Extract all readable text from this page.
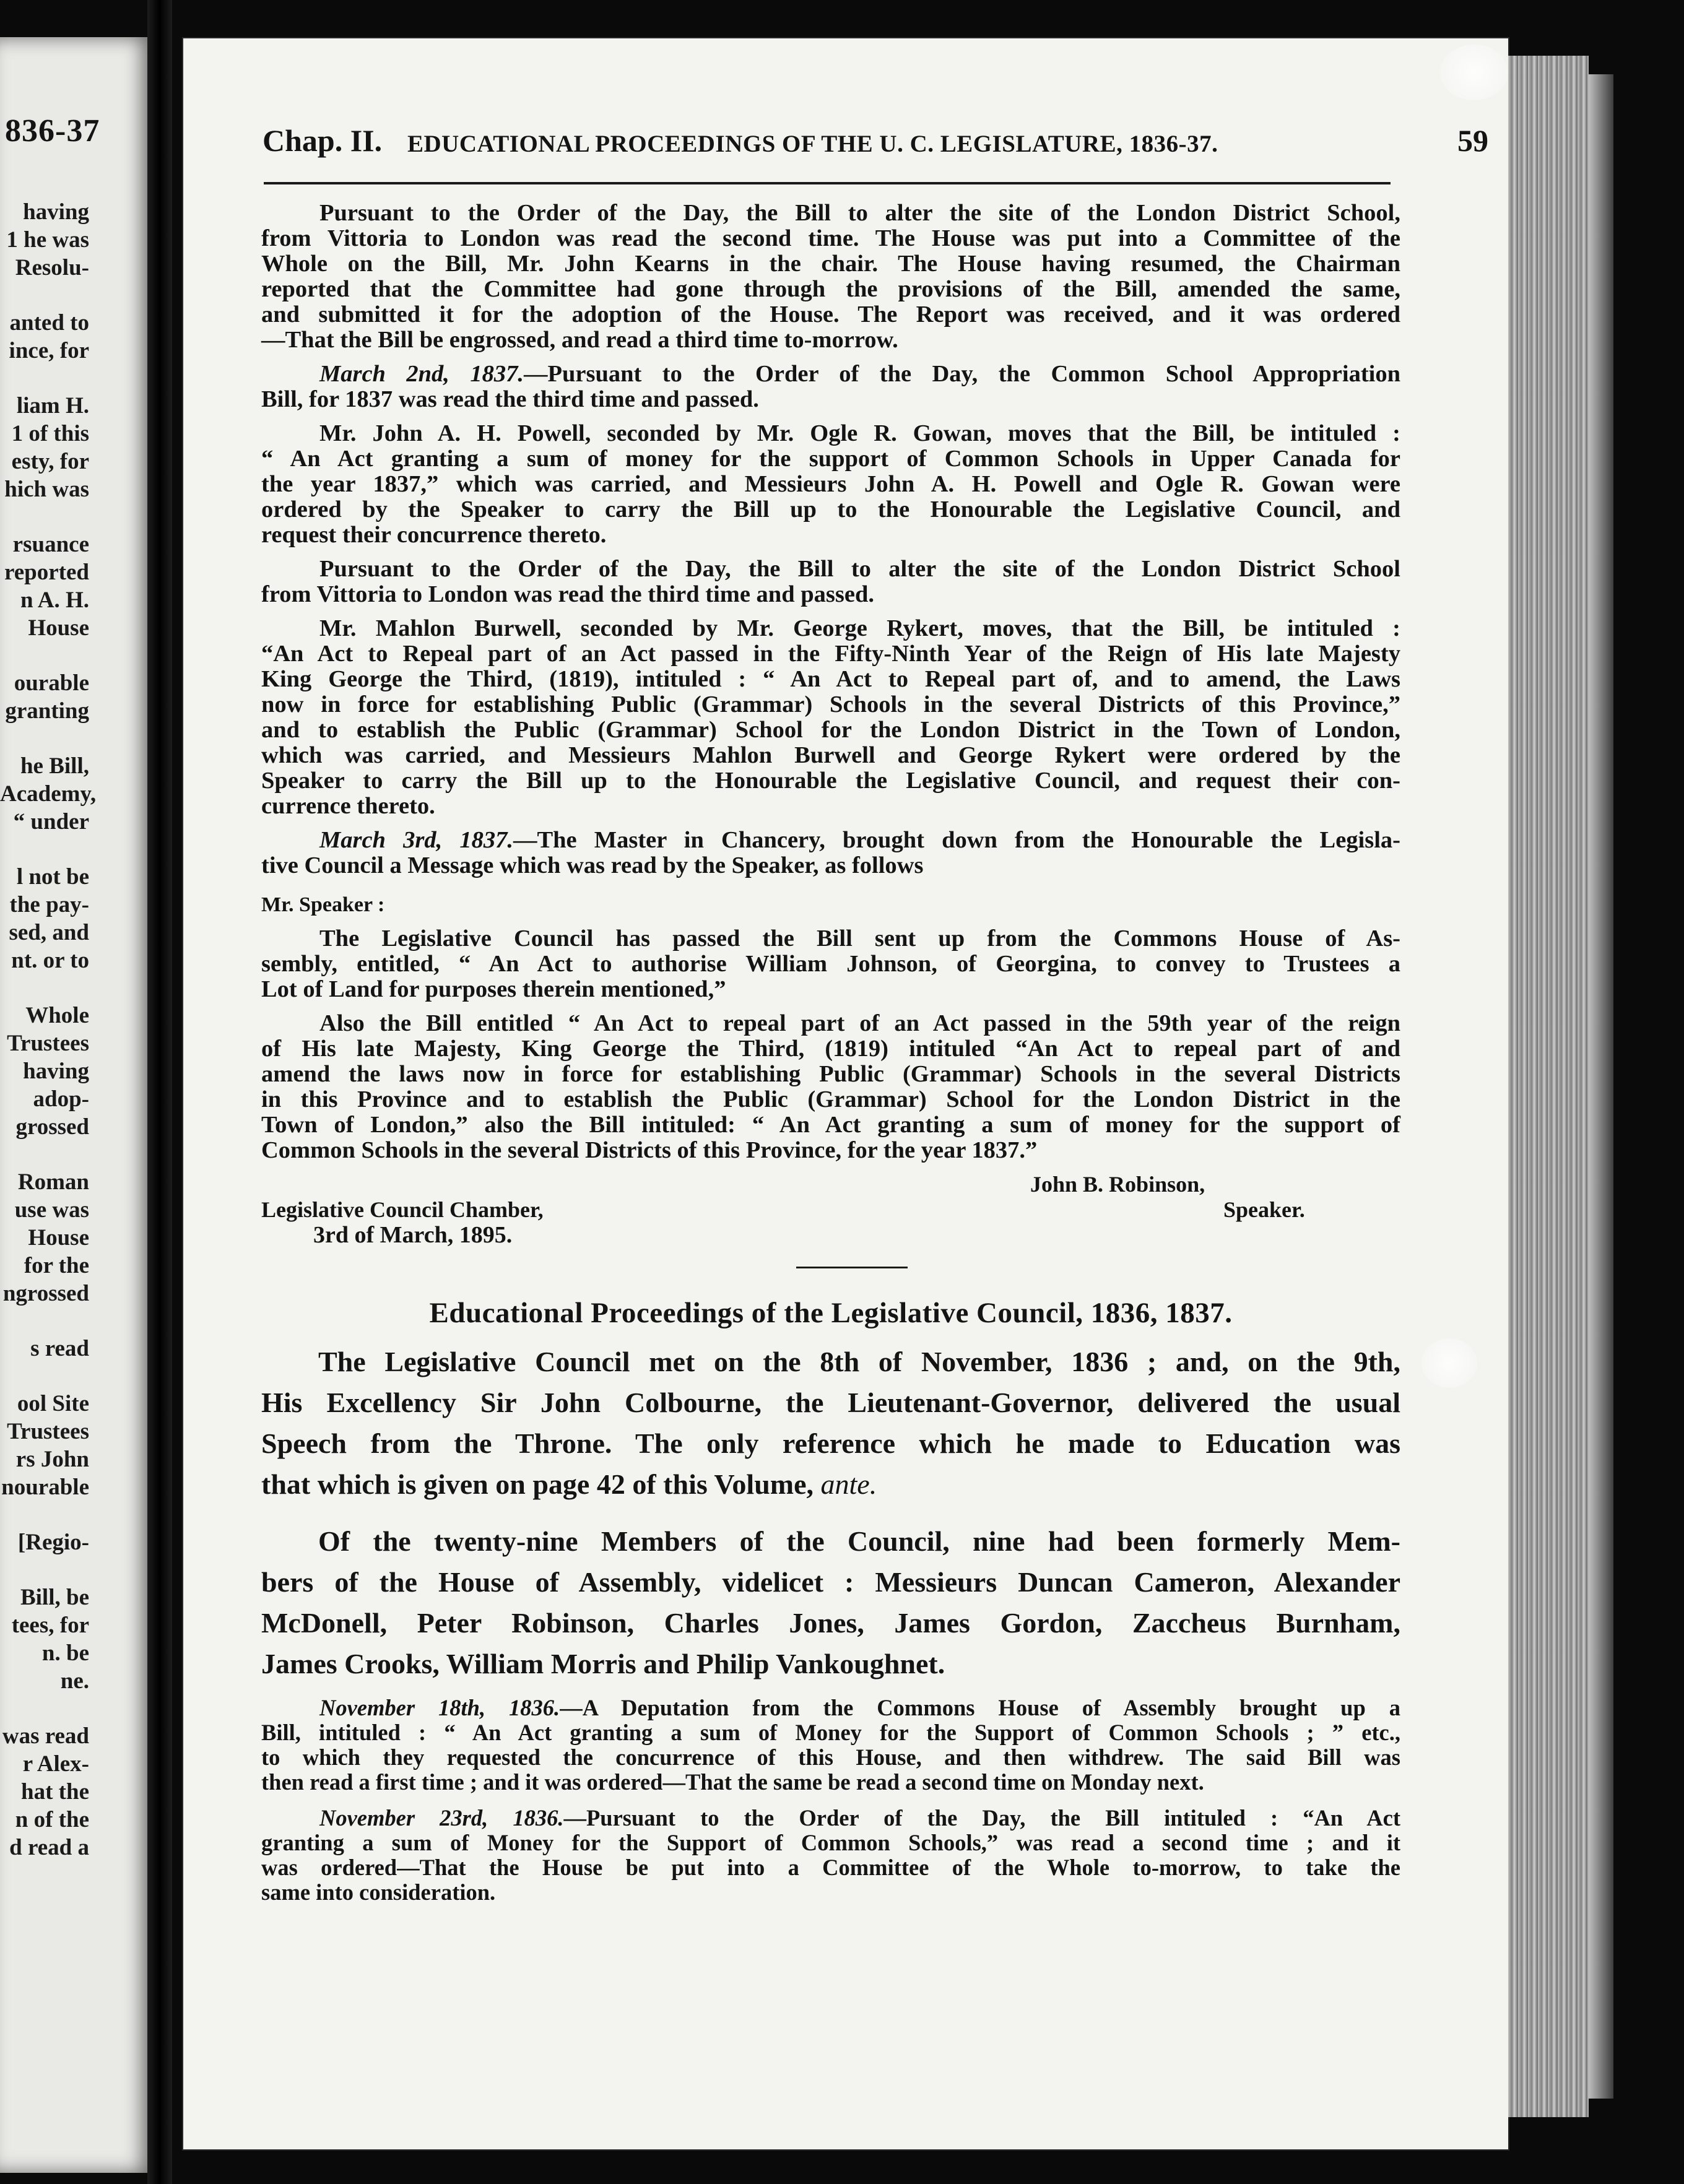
836-37
having
1 he was
Resolu-
anted to
ince, for
liam H.
1 of this
esty, for
hich was
rsuance
reported
n A. H.
House
ourable
granting
he Bill,
Academy,
“ under
l not be
the pay-
sed, and
nt. or to
Whole
Trustees
having
adop-
grossed
Roman
use was
House
for the
ngrossed
s read
ool Site
Trustees
rs John
nourable
[Regio-
Bill, be
tees, for
n. be
ne.
was read
r Alex-
hat the
n of the
d read a
Chap. II. EDUCATIONAL PROCEEDINGS OF THE U. C. LEGISLATURE, 1836-37.	59
Pursuant to the Order of the Day, the Bill to alter the site of the London District School,
from Vittoria to London was read the second time. The House was put into a Committee of the
Whole on the Bill, Mr. John Kearns in the chair. The House having resumed, the Chairman
reported that the Committee had gone through the provisions of the Bill, amended the same,
and submitted it for the adoption of the House. The Report was received, and it was ordered
—That the Bill be engrossed, and read a third time to-morrow.
March 2nd, 1837.—Pursuant to the Order of the Day, the Common School Appropriation
Bill, for 1837 was read the third time and passed.
Mr. John A. H. Powell, seconded by Mr. Ogle R. Gowan, moves that the Bill, be intituled :
“ An Act granting a sum of money for the support of Common Schools in Upper Canada for
the year 1837,” which was carried, and Messieurs John A. H. Powell and Ogle R. Gowan were
ordered by the Speaker to carry the Bill up to the Honourable the Legislative Council, and
request their concurrence thereto.
Pursuant to the Order of the Day, the Bill to alter the site of the London District School
from Vittoria to London was read the third time and passed.
Mr. Mahlon Burwell, seconded by Mr. George Rykert, moves, that the Bill, be intituled :
“An Act to Repeal part of an Act passed in the Fifty-Ninth Year of the Reign of His late Majesty
King George the Third, (1819), intituled : “ An Act to Repeal part of, and to amend, the Laws
now in force for establishing Public (Grammar) Schools in the several Districts of this Province,”
and to establish the Public (Grammar) School for the London District in the Town of London,
which was carried, and Messieurs Mahlon Burwell and George Rykert were ordered by the
Speaker to carry the Bill up to the Honourable the Legislative Council, and request their con-
currence thereto.
March 3rd, 1837.—The Master in Chancery, brought down from the Honourable the Legisla-
tive Council a Message which was read by the Speaker, as follows
Mr. Speaker :
The Legislative Council has passed the Bill sent up from the Commons House of As-
sembly, entitled, “ An Act to authorise William Johnson, of Georgina, to convey to Trustees a
Lot of Land for purposes therein mentioned,”
Also the Bill entitled “ An Act to repeal part of an Act passed in the 59th year of the reign
of His late Majesty, King George the Third, (1819) intituled “An Act to repeal part of and
amend the laws now in force for establishing Public (Grammar) Schools in the several Districts
in this Province and to establish the Public (Grammar) School for the London District in the
Town of London,” also the Bill intituled: “ An Act granting a sum of money for the support of
Common Schools in the several Districts of this Province, for the year 1837.”
John B. Robinson,
Legislative Council Chamber,	Speaker.
3rd of March, 1895.
Educational Proceedings of the Legislative Council, 1836, 1837.
The Legislative Council met on the 8th of November, 1836 ; and, on the 9th,
His Excellency Sir John Colbourne, the Lieutenant-Governor, delivered the usual
Speech from the Throne. The only reference which he made to Education was
that which is given on page 42 of this Volume, ante.
Of the twenty-nine Members of the Council, nine had been formerly Mem-
bers of the House of Assembly, videlicet : Messieurs Duncan Cameron, Alexander
McDonell, Peter Robinson, Charles Jones, James Gordon, Zaccheus Burnham,
James Crooks, William Morris and Philip Vankoughnet.
November 18th, 1836.—A Deputation from the Commons House of Assembly brought up a
Bill, intituled : “ An Act granting a sum of Money for the Support of Common Schools ; ” etc.,
to which they requested the concurrence of this House, and then withdrew. The said Bill was
then read a first time ; and it was ordered—That the same be read a second time on Monday next.
November 23rd, 1836.—Pursuant to the Order of the Day, the Bill intituled : “An Act
granting a sum of Money for the Support of Common Schools,” was read a second time ; and it
was ordered—That the House be put into a Committee of the Whole to-morrow, to take the
same into consideration.
